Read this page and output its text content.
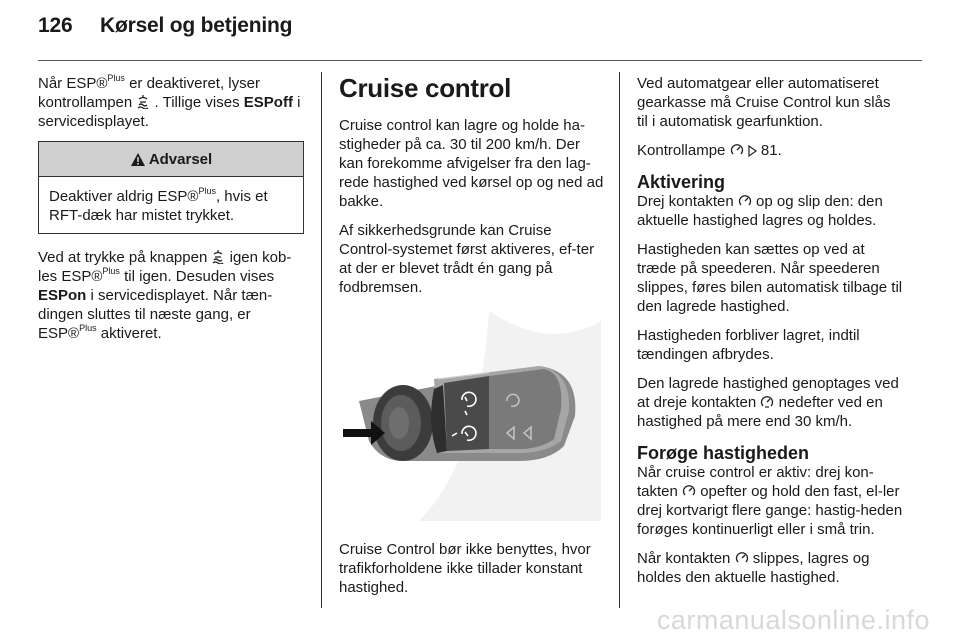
126 Kørsel og betjening

Når ESP®$^{Plus}$ er deaktiveret, lyser kontrollampen  . Tillige vises ESPoff i servicedisplayet.

Advarsel
Deaktiver aldrig ESP®$^{Plus}$, hvis et RFT-dæk har mistet trykket.

Ved at trykke på knappen  igen kob-les ESP®$^{Plus}$ til igen. Desuden vises ESPon i servicedisplayet. Når tæn-dingen sluttes til næste gang, er ESP®$^{Plus}$ aktiveret.

Cruise control

Cruise control kan lagre og holde ha-stigheder på ca. 30 til 200 km/h. Der kan forekomme afvigelser fra den lag-rede hastighed ved kørsel op og ned ad bakke.

Af sikkerhedsgrunde kan Cruise Control-systemet først aktiveres, ef-ter at der er blevet trådt én gang på fodbremsen.

Cruise Control bør ikke benyttes, hvor trafikforholdene ikke tillader konstant hastighed.

Ved automatgear eller automatiseret gearkasse må Cruise Control kun slås til i automatisk gearfunktion.

Kontrollampe   81.

Aktivering

Drej kontakten  op og slip den: den aktuelle hastighed lagres og holdes.

Hastigheden kan sættes op ved at træde på speederen. Når speederen slippes, føres bilen automatisk tilbage til den lagrede hastighed.

Hastigheden forbliver lagret, indtil tændingen afbrydes.

Den lagrede hastighed genoptages ved at dreje kontakten  nedefter ved en hastighed på mere end 30 km/h.

Forøge hastigheden

Når cruise control er aktiv: drej kon-takten  opefter og hold den fast, el-ler drej kortvarigt flere gange: hastig-heden forøges kontinuerligt eller i små trin.

Når kontakten  slippes, lagres og holdes den aktuelle hastighed.

carmanualsonline.info
